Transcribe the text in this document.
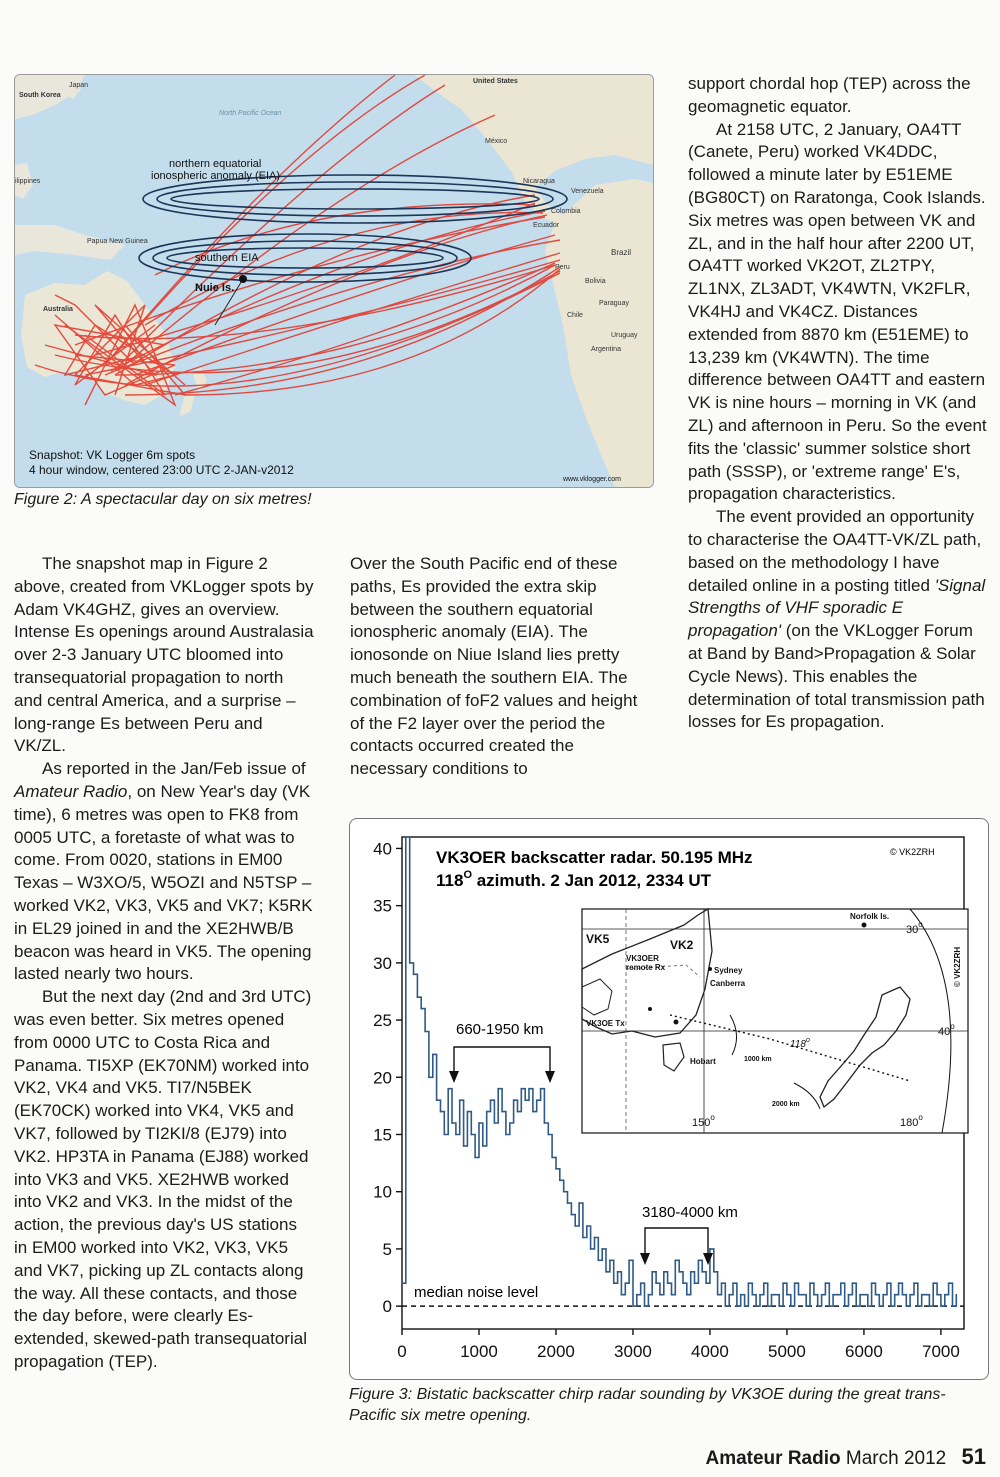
South Korea
Japan
United States
North Pacific Ocean
México
ilippines
Papua New Guinea
Australia
Venezuela
Colombia
Ecuador
Peru
Brazil
Bolivia
Paraguay
Chile
Argentina
Uruguay
Nicaragua
northern equatorial
ionospheric anomaly (EIA)
southern EIA
Nuie Is.
Snapshot: VK Logger 6m spots
4 hour window, centered 23:00 UTC 2-JAN-v2012
www.vklogger.com
Figure 2: A spectacular day on six metres!

The snapshot map in Figure 2 above, created from VKLogger spots by Adam VK4GHZ, gives an overview. Intense Es openings around Australasia over 2-3 January UTC bloomed into transequatorial propagation to north and central America, and a surprise – long-range Es between Peru and VK/ZL.

As reported in the Jan/Feb issue of Amateur Radio, on New Year's day (VK time), 6 metres was open to FK8 from 0005 UTC, a foretaste of what was to come. From 0020, stations in EM00 Texas – W3XO/5, W5OZI and N5TSP – worked VK2, VK3, VK5 and VK7; K5RK in EL29 joined in and the XE2HWB/B beacon was heard in VK5. The opening lasted nearly two hours.

But the next day (2nd and 3rd UTC) was even better. Six metres opened from 0000 UTC to Costa Rica and Panama. TI5XP (EK70NM) worked into VK2, VK4 and VK5. TI7/N5BEK (EK70CK) worked into VK4, VK5 and VK7, followed by TI2KI/8 (EJ79) into VK2. HP3TA in Panama (EJ88) worked into VK3 and VK5. XE2HWB worked into VK2 and VK3. In the midst of the action, the previous day's US stations in EM00 worked into VK2, VK3, VK5 and VK7, picking up ZL contacts along the way. All these contacts, and those the day before, were clearly Es-extended, skewed-path transequatorial propagation (TEP).

Over the South Pacific end of these paths, Es provided the extra skip between the southern equatorial ionospheric anomaly (EIA). The ionosonde on Niue Island lies pretty much beneath the southern EIA. The combination of foF2 values and height of the F2 layer over the period the contacts occurred created the necessary conditions to

support chordal hop (TEP) across the geomagnetic equator.

At 2158 UTC, 2 January, OA4TT (Canete, Peru) worked VK4DDC, followed a minute later by E51EME (BG80CT) on Raratonga, Cook Islands. Six metres was open between VK and ZL, and in the half hour after 2200 UT, OA4TT worked VK2OT, ZL2TPY, ZL1NX, ZL3ADT, VK4WTN, VK2FLR, VK4HJ and VK4CZ. Distances extended from 8870 km (E51EME) to 13,239 km (VK4WTN). The time difference between OA4TT and eastern VK is nine hours – morning in VK (and ZL) and afternoon in Peru. So the event fits the 'classic' summer solstice short path (SSSP), or 'extreme range' E's, propagation characteristics.

The event provided an opportunity to characterise the OA4TT-VK/ZL path, based on the methodology I have detailed online in a posting titled 'Signal Strengths of VHF sporadic E propagation' (on the VKLogger Forum at Band by Band>Propagation & Solar Cycle News). This enables the determination of total transmission path losses for Es propagation.

0
5
10
15
20
25
30
35
40
0	1000 2000 3000 4000 5000 6000 7000
VK3OER backscatter radar. 50.195 MHz
$118^O$ azimuth. 2 Jan 2012, 2334 UT
© VK2ZRH
660-1950 km
3180-4000 km
median noise level
VK5	VK2
VK3OER
remote Rx	Sydney
Canberra
VK3OE Tx
Hobart
Norfolk Is.
30$^o$
40$^o$
150$^o$	180$^o$
118$^o$
1000 km
2000 km
© VK2ZRH
Figure 3: Bistatic backscatter chirp radar sounding by VK3OE during the great trans-Pacific six metre opening.
Amateur Radio March 2012 51
